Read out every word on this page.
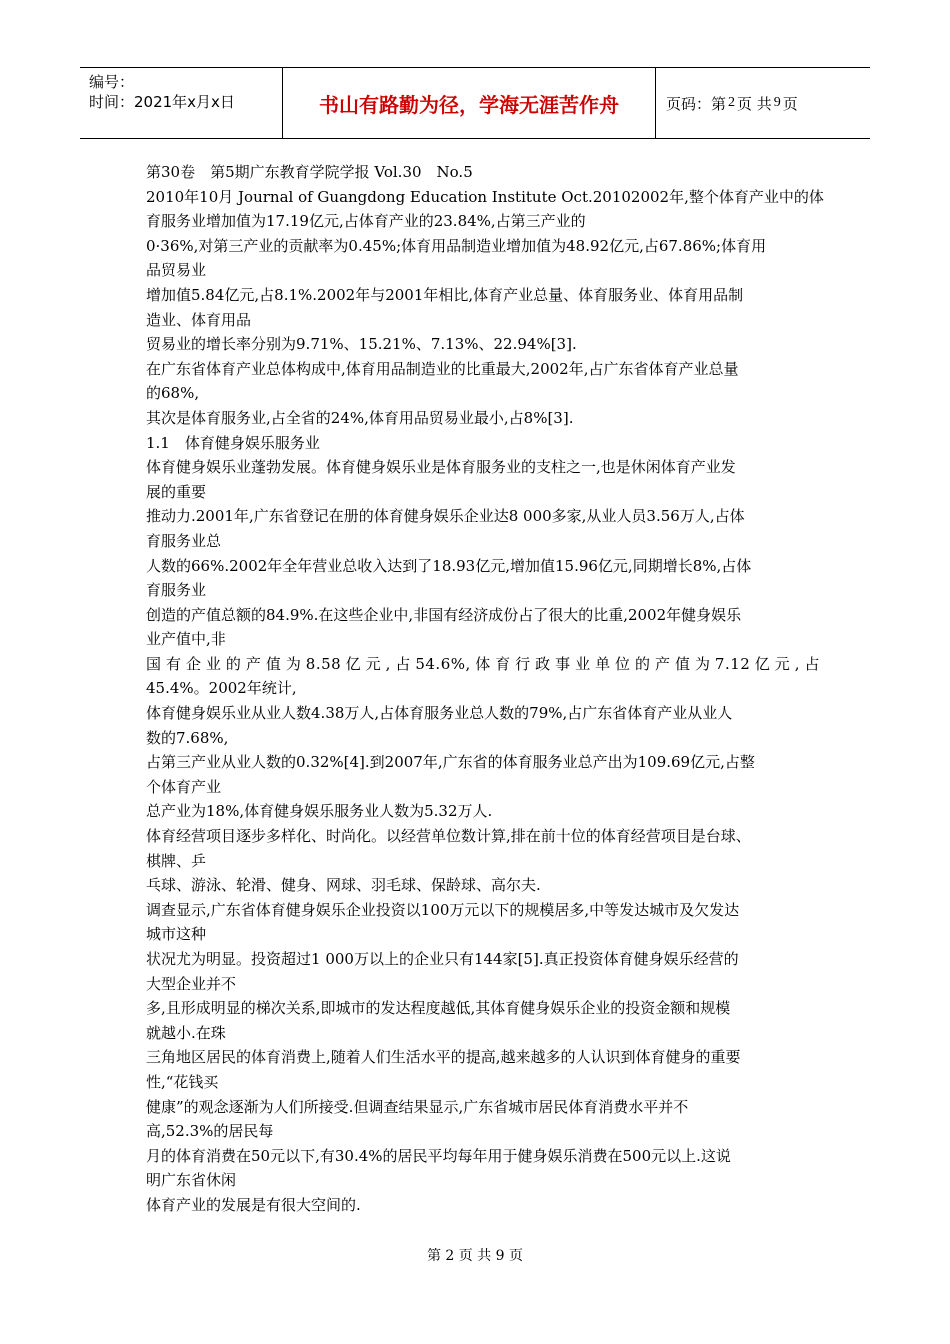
编号：
时间：2021年x月x日	书山有路勤为径，学海无涯苦作舟	页码：第 2 页 共 9 页

第30卷　第5期广东教育学院学报 Vol.30　No.5

2010年10月 Journal of Guangdong Education Institute Oct.20102002年,整个体育产业中的体

育服务业增加值为17.19亿元,占体育产业的23.84%,占第三产业的

0·36%,对第三产业的贡献率为0.45%;体育用品制造业增加值为48.92亿元,占67.86%;体育用

品贸易业

增加值5.84亿元,占8.1%.2002年与2001年相比,体育产业总量、体育服务业、体育用品制

造业、体育用品

贸易业的增长率分别为9.71%、15.21%、7.13%、22.94%[3].

在广东省体育产业总体构成中,体育用品制造业的比重最大,2002年,占广东省体育产业总量

的68%,

其次是体育服务业,占全省的24%,体育用品贸易业最小,占8%[3].

1.1　体育健身娱乐服务业

体育健身娱乐业蓬勃发展。体育健身娱乐业是体育服务业的支柱之一,也是休闲体育产业发

展的重要

推动力.2001年,广东省登记在册的体育健身娱乐企业达8 000多家,从业人员3.56万人,占体

育服务业总

人数的66%.2002年全年营业总收入达到了18.93亿元,增加值15.96亿元,同期增长8%,占体

育服务业

创造的产值总额的84.9%.在这些企业中,非国有经济成份占了很大的比重,2002年健身娱乐

业产值中,非

国有企业的产值为8.58亿元,占54.6%,体育行政事业单位的产值为7.12亿元,占

45.4%。2002年统计,

体育健身娱乐业从业人数4.38万人,占体育服务业总人数的79%,占广东省体育产业从业人

数的7.68%,

占第三产业从业人数的0.32%[4].到2007年,广东省的体育服务业总产出为109.69亿元,占整

个体育产业

总产业为18%,体育健身娱乐服务业人数为5.32万人.

体育经营项目逐步多样化、时尚化。以经营单位数计算,排在前十位的体育经营项目是台球、

棋牌、乒

乓球、游泳、轮滑、健身、网球、羽毛球、保龄球、高尔夫.

调查显示,广东省体育健身娱乐企业投资以100万元以下的规模居多,中等发达城市及欠发达

城市这种

状况尤为明显。投资超过1 000万以上的企业只有144家[5].真正投资体育健身娱乐经营的

大型企业并不

多,且形成明显的梯次关系,即城市的发达程度越低,其体育健身娱乐企业的投资金额和规模

就越小.在珠

三角地区居民的体育消费上,随着人们生活水平的提高,越来越多的人认识到体育健身的重要

性,“花钱买

健康”的观念逐渐为人们所接受.但调查结果显示,广东省城市居民体育消费水平并不

高,52.3%的居民每

月的体育消费在50元以下,有30.4%的居民平均每年用于健身娱乐消费在500元以上.这说

明广东省休闲

体育产业的发展是有很大空间的.

第 2 页 共 9 页
